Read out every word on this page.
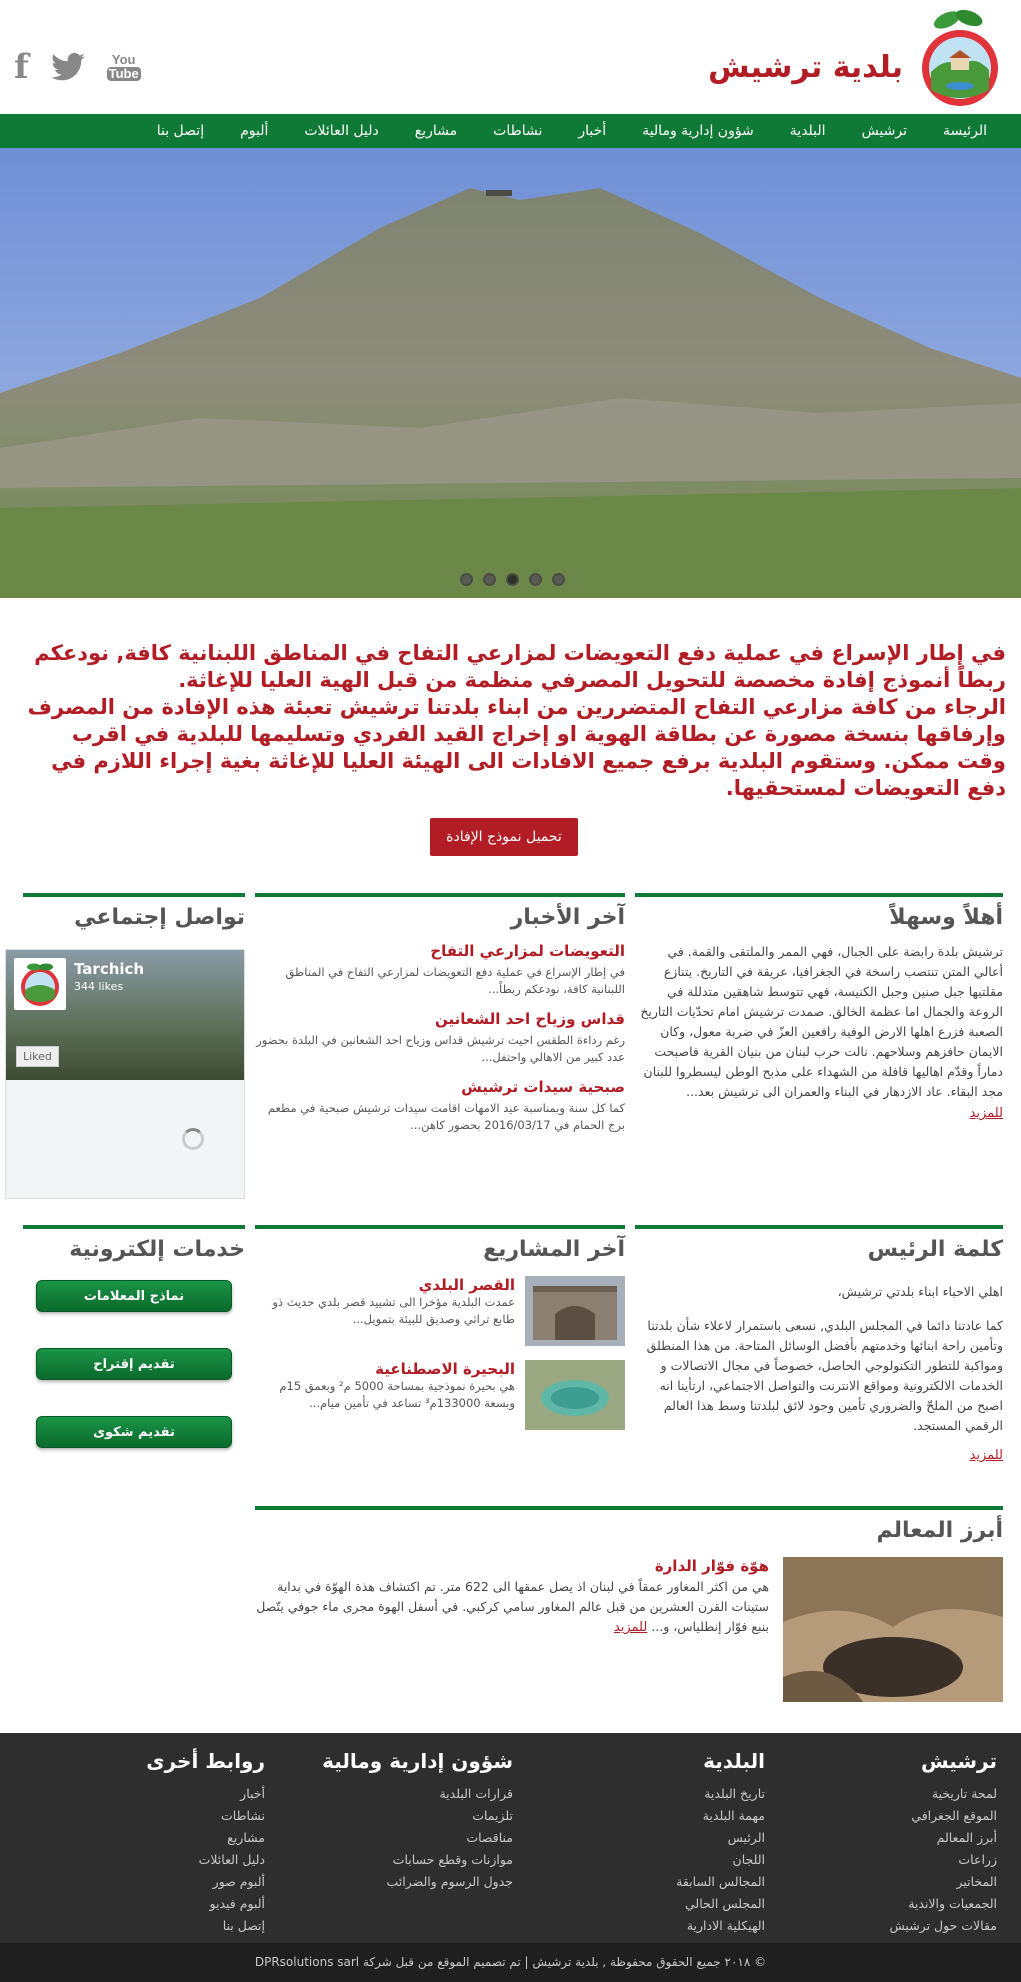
بلدية ترشيش
f	You
Tube
الرئيسة
ترشيش
البلدية
شؤون إدارية ومالية
أخبار
نشاطات
مشاريع
دليل العائلات
ألبوم
إتصل بنا

في إطار الإسراع في عملية دفع التعويضات لمزارعي التفاح في المناطق اللبنانية كافة, نودعكم ربطاً أنموذج إفادة مخصصة للتحويل المصرفي منظمة من قبل الهية العليا للإغاثة.

الرجاء من كافة مزارعي التفاح المتضررين من ابناء بلدتنا ترشيش تعبئة هذه الإفادة من المصرف وإرفاقها بنسخة مصورة عن بطاقة الهوية او إخراج القيد الفردي وتسليمها للبلدية في اقرب وقت ممكن. وستقوم البلدية برفع جميع الافادات الى الهيئة العليا للإغاثة بغية إجراء اللازم في دفع التعويضات لمستحقيها.

تحميل نموذج الإفادة
أهلاً وسهلاً

ترشيش بلدة رابضة على الجبال، فهي الممر والملتقى والقمة. في أعالي المتن تنتصب راسخة في الجغرافيا، عريقة في التاريخ. يتنازع مقلتيها جبل صنين وجبل الكنيسة، فهي تتوسط شاهقين متدللة في الروعة والجمال اما عظمة الخالق. صمدت ترشيش امام تحدّيات التاريخ الصعبة فزرع اهلها الارض الوفية رافعين العزّ في ضربة معول، وكان الايمان حافزهم وسلاحهم. نالت حرب لبنان من بنيان القرية فاصبحت دماراً وقدّم اهاليها قافلة من الشهداء على مذبح الوطن ليسطروا للبنان مجد البقاء. عاد الازدهار في البناء والعمران الى ترشيش بعد...

للمزيد
آخر الأخبار
التعويضات لمزارعي التفاح
في إطار الإسراع في عملية دفع التعويضات لمزارعي التفاح في المناطق اللبنانية كافة، نودعكم ربطاً...
قداس وزياح احد الشعانين
رغم رداءة الطقس احيت ترشيش قداس وزياح احد الشعانين في البلدة بحضور عدد كبير من الاهالي واحتفل...
صبحية سيدات ترشيش
كما كل سنة وبمناسبة عيد الامهات اقامت سيدات ترشيش صبحية في مطعم برج الحمام في 2016/03/17 بحضور كاهن...
تواصل إجتماعي
Tarchich
344 likes
Liked
كلمة الرئيس

اهلي الاحباء ابناء بلدتي ترشيش،

كما عادتنا دائما في المجلس البلدي, نسعى باستمرار لاعلاء شأن بلدتنا وتأمين راحة ابنائها وخدمتهم بأفضل الوسائل المتاحة. من هذا المنطلق ومواكبة للتطور التكنولوجي الحاصل، خصوصاً في مجال الاتصالات و الخدمات الالكترونية ومواقع الانترنت والتواصل الاجتماعي، ارتأينا انه اصبح من الملحّ والضروري تأمين وجود لائق لبلدتنا وسط هذا العالم الرقمي المستجد.

للمزيد
آخر المشاريع
القصر البلدي
عمدت البلدية مؤخرا الى تشييد قصر بلدي حديث ذو طابع تراثي وصديق للبيئة بتمويل...
البحيرة الاصطناعية
هي بحيرة نموذجية بمساحة 5000 م² وبعمق 15م وبسعة 133000م³ تساعد في تأمين ميام...
خدمات إلكترونية
نماذج المعلامات
تقديم إقتراح
تقديم شكوى
أبرز المعالم
هوّة فوّار الدارة

هي من اكثر المغاور عمقاً في لبنان اذ يصل عمقها الى 622 متر. تم اكتشاف هذة الهوّة في بداية ستينات القرن العشرين من قبل عالم المغاور سامي كركبي. في أسفل الهوة مجرى ماء جوفي يتّصل بنبع فوّار إنطلياس، و... للمزيد

ترشيش
لمحة تاريخية
الموقع الجغرافي
أبرز المعالم
زراعات
المخاتير
الجمعيات والاندية
مقالات حول ترشيش
البلدية
تاريخ البلدية
مهمة البلدية
الرئيس
اللجان
المجالس السابقة
المجلس الحالي
الهيكلية الادارية
شؤون إدارية ومالية
قرارات البلدية
تلزيمات
مناقصات
موازنات وقطع حسابات
جدول الرسوم والضرائب
روابط أخرى
أخبار
نشاطات
مشاريع
دليل العائلات
ألبوم صور
ألبوم فيديو
إتصل بنا
© ٢٠١٨ جميع الحقوق محفوظة , بلدية ترشيش | تم تصميم الموقع من قبل شركة DPRsolutions sarl
